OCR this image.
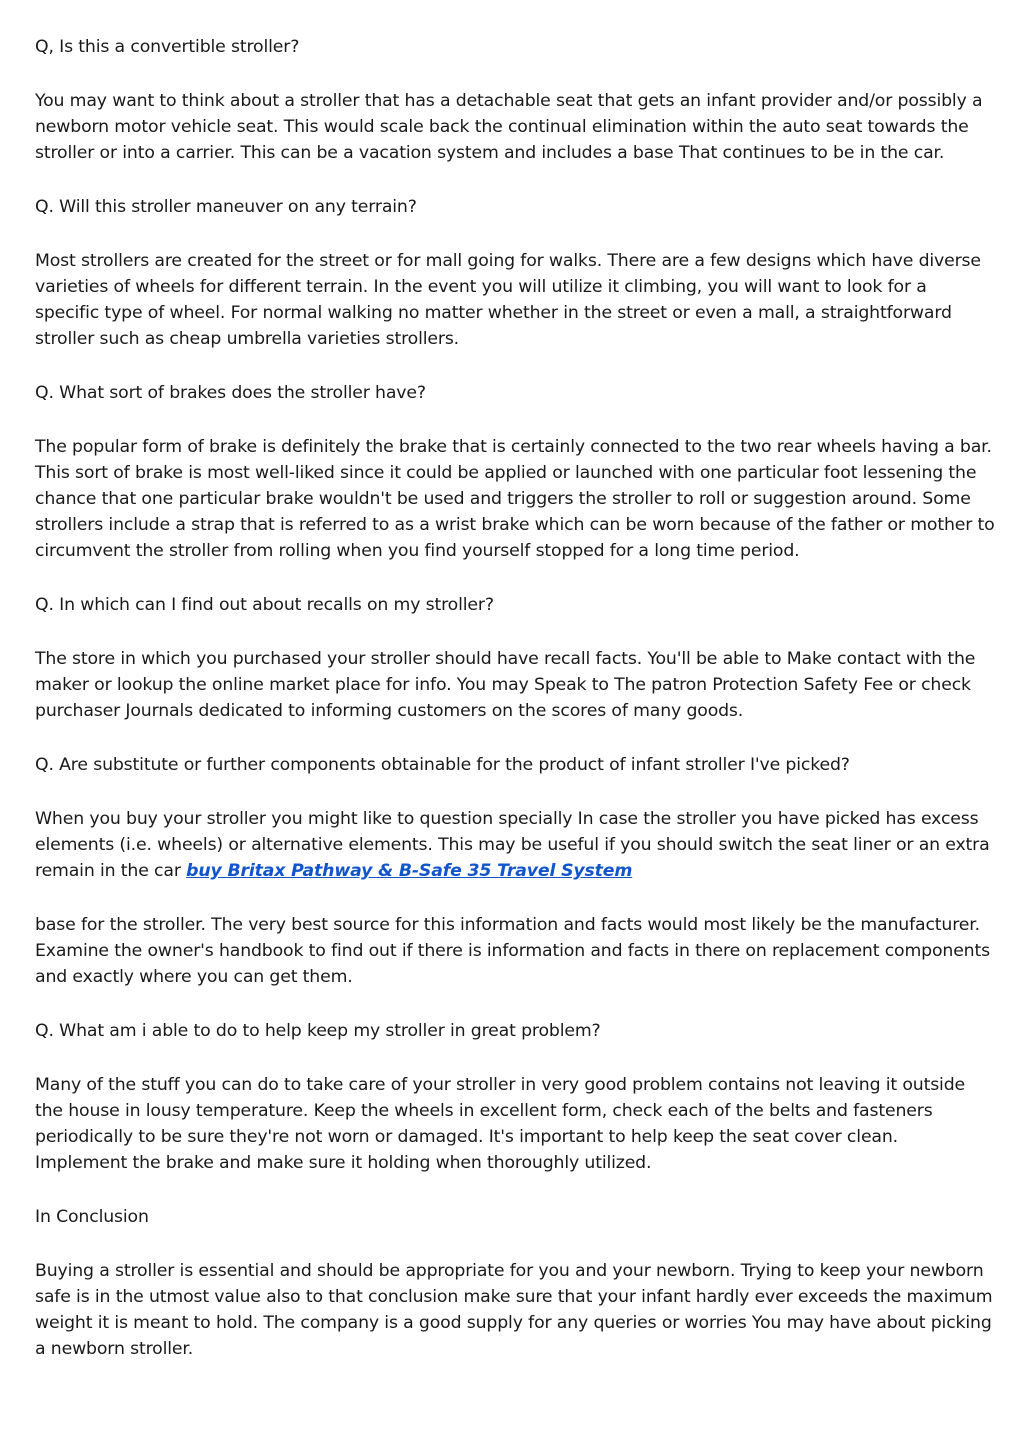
Q, Is this a convertible stroller?

You may want to think about a stroller that has a detachable seat that gets an infant provider and/or possibly a newborn motor vehicle seat. This would scale back the continual elimination within the auto seat towards the stroller or into a carrier. This can be a vacation system and includes a base That continues to be in the car.

Q. Will this stroller maneuver on any terrain?

Most strollers are created for the street or for mall going for walks. There are a few designs which have diverse varieties of wheels for different terrain. In the event you will utilize it climbing, you will want to look for a specific type of wheel. For normal walking no matter whether in the street or even a mall, a straightforward stroller such as cheap umbrella varieties strollers.

Q. What sort of brakes does the stroller have?

The popular form of brake is definitely the brake that is certainly connected to the two rear wheels having a bar. This sort of brake is most well-liked since it could be applied or launched with one particular foot lessening the chance that one particular brake wouldn't be used and triggers the stroller to roll or suggestion around. Some strollers include a strap that is referred to as a wrist brake which can be worn because of the father or mother to circumvent the stroller from rolling when you find yourself stopped for a long time period.

Q. In which can I find out about recalls on my stroller?

The store in which you purchased your stroller should have recall facts. You'll be able to Make contact with the maker or lookup the online market place for info. You may Speak to The patron Protection Safety Fee or check purchaser Journals dedicated to informing customers on the scores of many goods.

Q. Are substitute or further components obtainable for the product of infant stroller I've picked?

When you buy your stroller you might like to question specially In case the stroller you have picked has excess elements (i.e. wheels) or alternative elements. This may be useful if you should switch the seat liner or an extra remain in the car buy Britax Pathway & B-Safe 35 Travel System

base for the stroller. The very best source for this information and facts would most likely be the manufacturer. Examine the owner's handbook to find out if there is information and facts in there on replacement components and exactly where you can get them.

Q. What am i able to do to help keep my stroller in great problem?

Many of the stuff you can do to take care of your stroller in very good problem contains not leaving it outside the house in lousy temperature. Keep the wheels in excellent form, check each of the belts and fasteners periodically to be sure they're not worn or damaged. It's important to help keep the seat cover clean. Implement the brake and make sure it holding when thoroughly utilized.

In Conclusion

Buying a stroller is essential and should be appropriate for you and your newborn. Trying to keep your newborn safe is in the utmost value also to that conclusion make sure that your infant hardly ever exceeds the maximum weight it is meant to hold. The company is a good supply for any queries or worries You may have about picking a newborn stroller.
